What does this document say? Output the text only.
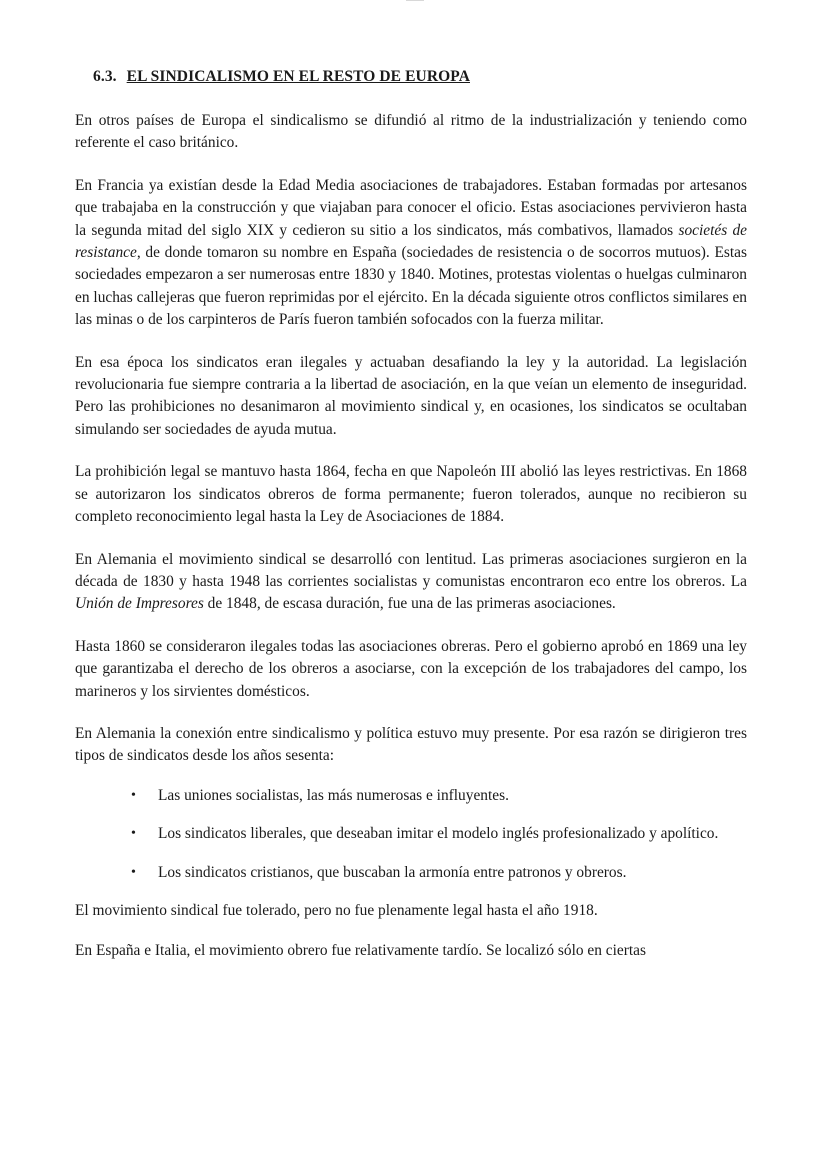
6.3. EL SINDICALISMO EN EL RESTO DE EUROPA

En otros países de Europa el sindicalismo se difundió al ritmo de la industrialización y teniendo como referente el caso británico.

En Francia ya existían desde la Edad Media asociaciones de trabajadores. Estaban formadas por artesanos que trabajaba en la construcción y que viajaban para conocer el oficio. Estas asociaciones pervivieron hasta la segunda mitad del siglo XIX y cedieron su sitio a los sindicatos, más combativos, llamados societés de resistance, de donde tomaron su nombre en España (sociedades de resistencia o de socorros mutuos). Estas sociedades empezaron a ser numerosas entre 1830 y 1840. Motines, protestas violentas o huelgas culminaron en luchas callejeras que fueron reprimidas por el ejército. En la década siguiente otros conflictos similares en las minas o de los carpinteros de París fueron también sofocados con la fuerza militar.

En esa época los sindicatos eran ilegales y actuaban desafiando la ley y la autoridad. La legislación revolucionaria fue siempre contraria a la libertad de asociación, en la que veían un elemento de inseguridad. Pero las prohibiciones no desanimaron al movimiento sindical y, en ocasiones, los sindicatos se ocultaban simulando ser sociedades de ayuda mutua.

La prohibición legal se mantuvo hasta 1864, fecha en que Napoleón III abolió las leyes restrictivas. En 1868 se autorizaron los sindicatos obreros de forma permanente; fueron tolerados, aunque no recibieron su completo reconocimiento legal hasta la Ley de Asociaciones de 1884.

En Alemania el movimiento sindical se desarrolló con lentitud. Las primeras asociaciones surgieron en la década de 1830 y hasta 1948 las corrientes socialistas y comunistas encontraron eco entre los obreros. La Unión de Impresores de 1848, de escasa duración, fue una de las primeras asociaciones.

Hasta 1860 se consideraron ilegales todas las asociaciones obreras. Pero el gobierno aprobó en 1869 una ley que garantizaba el derecho de los obreros a asociarse, con la excepción de los trabajadores del campo, los marineros y los sirvientes domésticos.

En Alemania la conexión entre sindicalismo y política estuvo muy presente. Por esa razón se dirigieron tres tipos de sindicatos desde los años sesenta:

• Las uniones socialistas, las más numerosas e influyentes.
• Los sindicatos liberales, que deseaban imitar el modelo inglés profesionalizado y apolítico.
• Los sindicatos cristianos, que buscaban la armonía entre patronos y obreros.

El movimiento sindical fue tolerado, pero no fue plenamente legal hasta el año 1918.

En España e Italia, el movimiento obrero fue relativamente tardío. Se localizó sólo en ciertas
